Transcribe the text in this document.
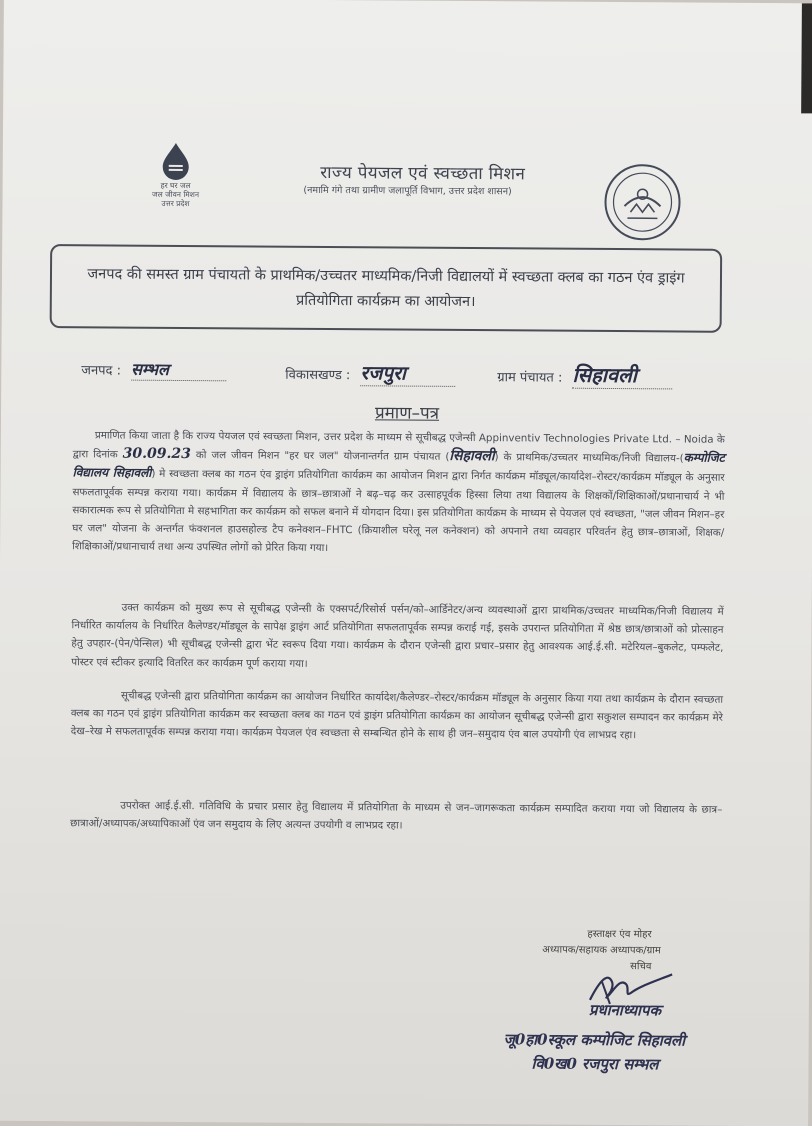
हर घर जल
जल जीवन मिशन
उत्तर प्रदेश
राज्य पेयजल एवं स्वच्छता मिशन
(नमामि गंगे तथा ग्रामीण जलापूर्ति विभाग, उत्तर प्रदेश शासन)
जनपद की समस्त ग्राम पंचायतो के प्राथमिक/उच्चतर माध्यमिक/निजी विद्यालयों में स्वच्छता क्लब का गठन एंव ड्राइंग प्रतियोगिता कार्यक्रम का आयोजन।
जनपद : सम्भल	विकासखण्ड : रजपुरा	ग्राम पंचायत : सिहावली
प्रमाण–पत्र
प्रमाणित किया जाता है कि राज्य पेयजल एवं स्वच्छता मिशन, उत्तर प्रदेश के माध्यम से सूचीबद्ध एजेन्सी Appinventiv Technologies Private Ltd. – Noida के द्वारा दिनांक 30.09.23 को जल जीवन मिशन "हर घर जल" योजनान्तर्गत ग्राम पंचायत (सिहावली) के प्राथमिक/उच्चतर माध्यमिक/निजी विद्यालय-(कम्पोजिट विद्यालय सिहावली) मे स्वच्छता क्लब का गठन एंव ड्राइंग प्रतियोगिता कार्यक्रम का आयोजन मिशन द्वारा निर्गत कार्यक्रम मॉड्यूल/कार्यादेश–रोस्टर/कार्यक्रम मॉड्यूल के अनुसार सफलतापूर्वक सम्पन्न कराया गया। कार्यक्रम में विद्यालय के छात्र–छात्राओं ने बढ़–चढ़ कर उत्साहपूर्वक हिस्सा लिया तथा विद्यालय के शिक्षकों/शिक्षिकाओं/प्रधानाचार्य ने भी सकारात्मक रूप से प्रतियोगिता मे सहभागिता कर कार्यक्रम को सफल बनाने में योगदान दिया। इस प्रतियोगिता कार्यक्रम के माध्यम से पेयजल एवं स्वच्छता, "जल जीवन मिशन–हर घर जल" योजना के अन्तर्गत फंक्शनल हाउसहोल्ड टैप कनेक्शन–FHTC (क्रियाशील घरेलू नल कनेक्शन) को अपनाने तथा व्यवहार परिवर्तन हेतु छात्र–छात्राओं, शिक्षक/शिक्षिकाओं/प्रधानाचार्य तथा अन्य उपस्थित लोगों को प्रेरित किया गया।
उक्त कार्यक्रम को मुख्य रूप से सूचीबद्ध एजेन्सी के एक्सपर्ट/रिसोर्स पर्सन/को–आर्डिनेटर/अन्य व्यवस्थाओं द्वारा प्राथमिक/उच्चतर माध्यमिक/निजी विद्यालय में निर्धारित कार्यालय के निर्धारित कैलेण्डर/मॉड्यूल के सापेक्ष ड्राइंग आर्ट प्रतियोगिता सफलतापूर्वक सम्पन्न कराई गई, इसके उपरान्त प्रतियोगिता में श्रेष्ठ छात्र/छात्राओं को प्रोत्साहन हेतु उपहार-(पेन/पेन्सिल) भी सूचीबद्ध एजेन्सी द्वारा भेंट स्वरूप दिया गया। कार्यक्रम के दौरान एजेन्सी द्वारा प्रचार–प्रसार हेतु आवश्यक आई.ई.सी. मटेरियल–बुकलेट, पम्फलेट, पोस्टर एवं स्टीकर इत्यादि वितरित कर कार्यक्रम पूर्ण कराया गया।
सूचीबद्ध एजेन्सी द्वारा प्रतियोगिता कार्यक्रम का आयोजन निर्धारित कार्यादेश/कैलेण्डर–रोस्टर/कार्यक्रम मॉड्यूल के अनुसार किया गया तथा कार्यक्रम के दौरान स्वच्छता क्लब का गठन एवं ड्राइंग प्रतियोगिता कार्यक्रम कर स्वच्छता क्लब का गठन एवं ड्राइंग प्रतियोगिता कार्यक्रम का आयोजन सूचीबद्ध एजेन्सी द्वारा सकुशल सम्पादन कर कार्यक्रम मेरे देख–रेख मे सफलतापूर्वक सम्पन्न कराया गया। कार्यक्रम पेयजल एंव स्वच्छता से सम्बन्धित होने के साथ ही जन–समुदाय एंव बाल उपयोगी एंव लाभप्रद रहा।
उपरोक्त आई.ई.सी. गतिविधि के प्रचार प्रसार हेतु विद्यालय में प्रतियोगिता के माध्यम से जन–जागरूकता कार्यक्रम सम्पादित कराया गया जो विद्यालय के छात्र–छात्राओं/अध्यापक/अध्यापिकाओं एंव जन समुदाय के लिए अत्यन्त उपयोगी व लाभप्रद रहा।
हस्ताक्षर एंव मोहर
अध्यापक/सहायक अध्यापक/ग्राम
सचिव
प्रधानाध्यापक
जू0हा0स्कूल कम्पोजिट सिहावली
वि0ख0 रजपुरा सम्भल
